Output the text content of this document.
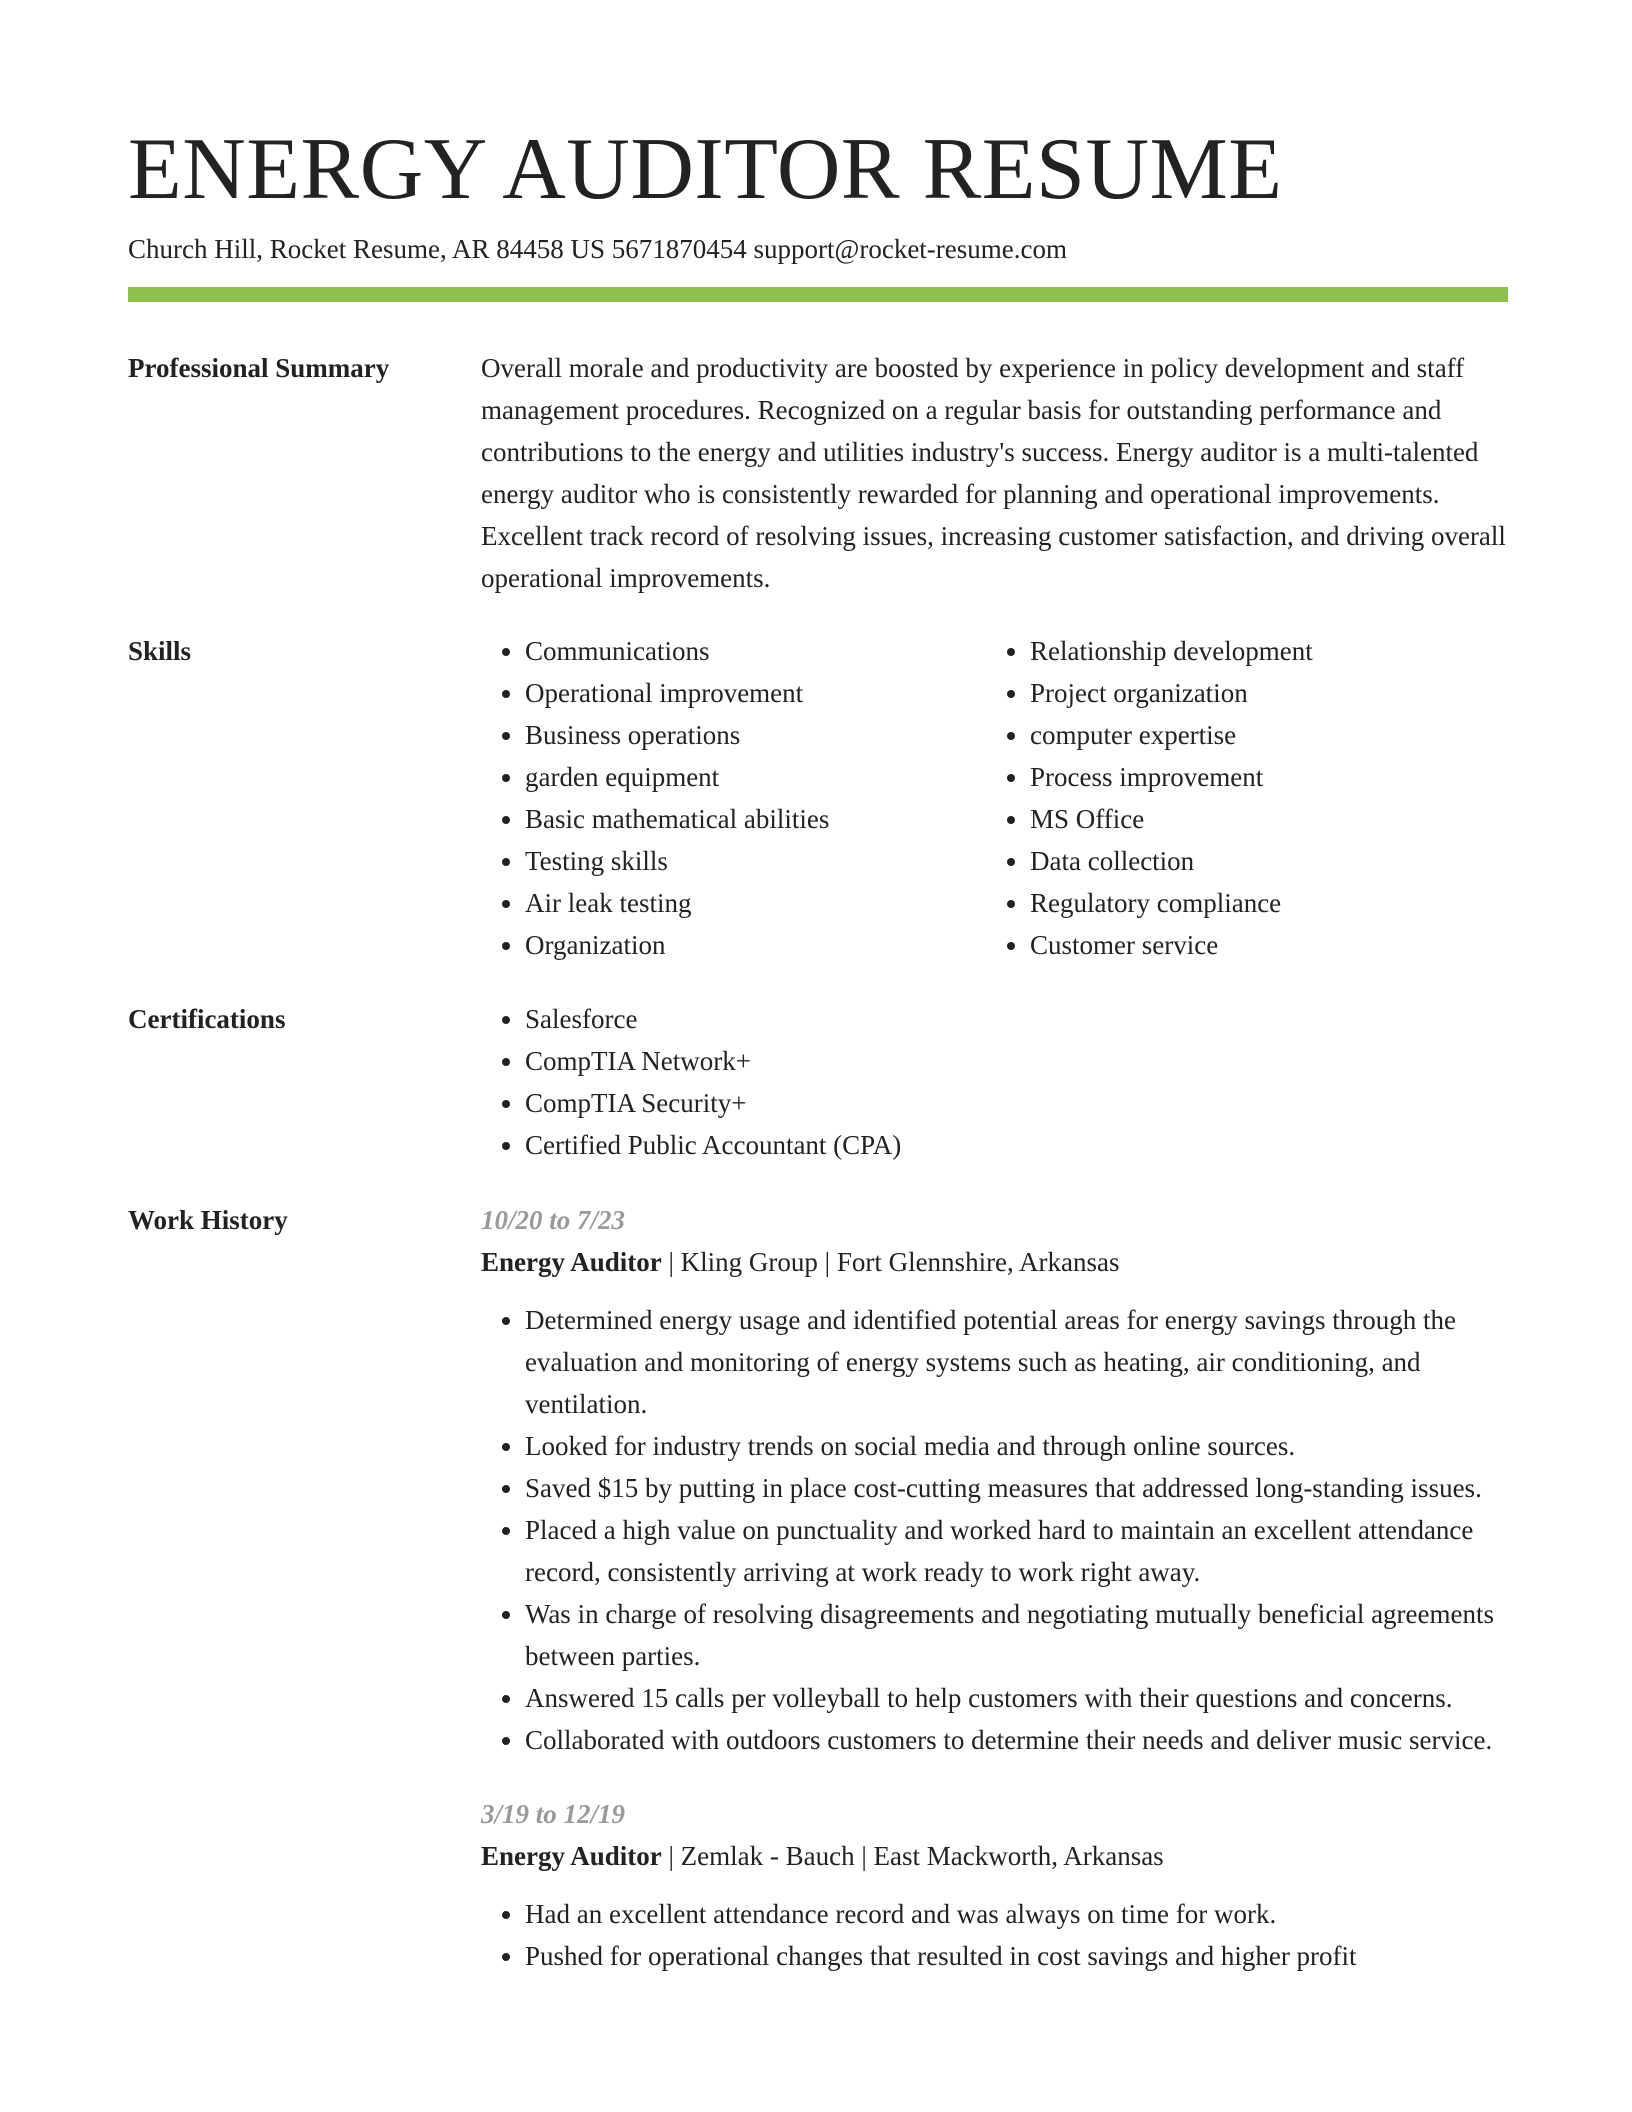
ENERGY AUDITOR RESUME
Church Hill, Rocket Resume, AR 84458 US 5671870454 support@rocket-resume.com
Professional Summary	Overall morale and productivity are boosted by experience in policy development and staff management procedures. Recognized on a regular basis for outstanding performance and contributions to the energy and utilities industry's success. Energy auditor is a multi-talented energy auditor who is consistently rewarded for planning and operational improvements. Excellent track record of resolving issues, increasing customer satisfaction, and driving overall operational improvements.

Skills	• Communications
• Operational improvement
• Business operations
• garden equipment
• Basic mathematical abilities
• Testing skills
• Air leak testing
• Organization
• Relationship development
• Project organization
• computer expertise
• Process improvement
• MS Office
• Data collection
• Regulatory compliance
• Customer service
Certifications	• Salesforce
• CompTIA Network+
• CompTIA Security+
• Certified Public Accountant (CPA)
Work History	10/20 to 7/23
Energy Auditor | Kling Group | Fort Glennshire, Arkansas
• Determined energy usage and identified potential areas for energy savings through the evaluation and monitoring of energy systems such as heating, air conditioning, and ventilation.
• Looked for industry trends on social media and through online sources.
• Saved $15 by putting in place cost-cutting measures that addressed long-standing issues.
• Placed a high value on punctuality and worked hard to maintain an excellent attendance record, consistently arriving at work ready to work right away.
• Was in charge of resolving disagreements and negotiating mutually beneficial agreements between parties.
• Answered 15 calls per volleyball to help customers with their questions and concerns.
• Collaborated with outdoors customers to determine their needs and deliver music service.
3/19 to 12/19
Energy Auditor | Zemlak - Bauch | East Mackworth, Arkansas
• Had an excellent attendance record and was always on time for work.
• Pushed for operational changes that resulted in cost savings and higher profit
